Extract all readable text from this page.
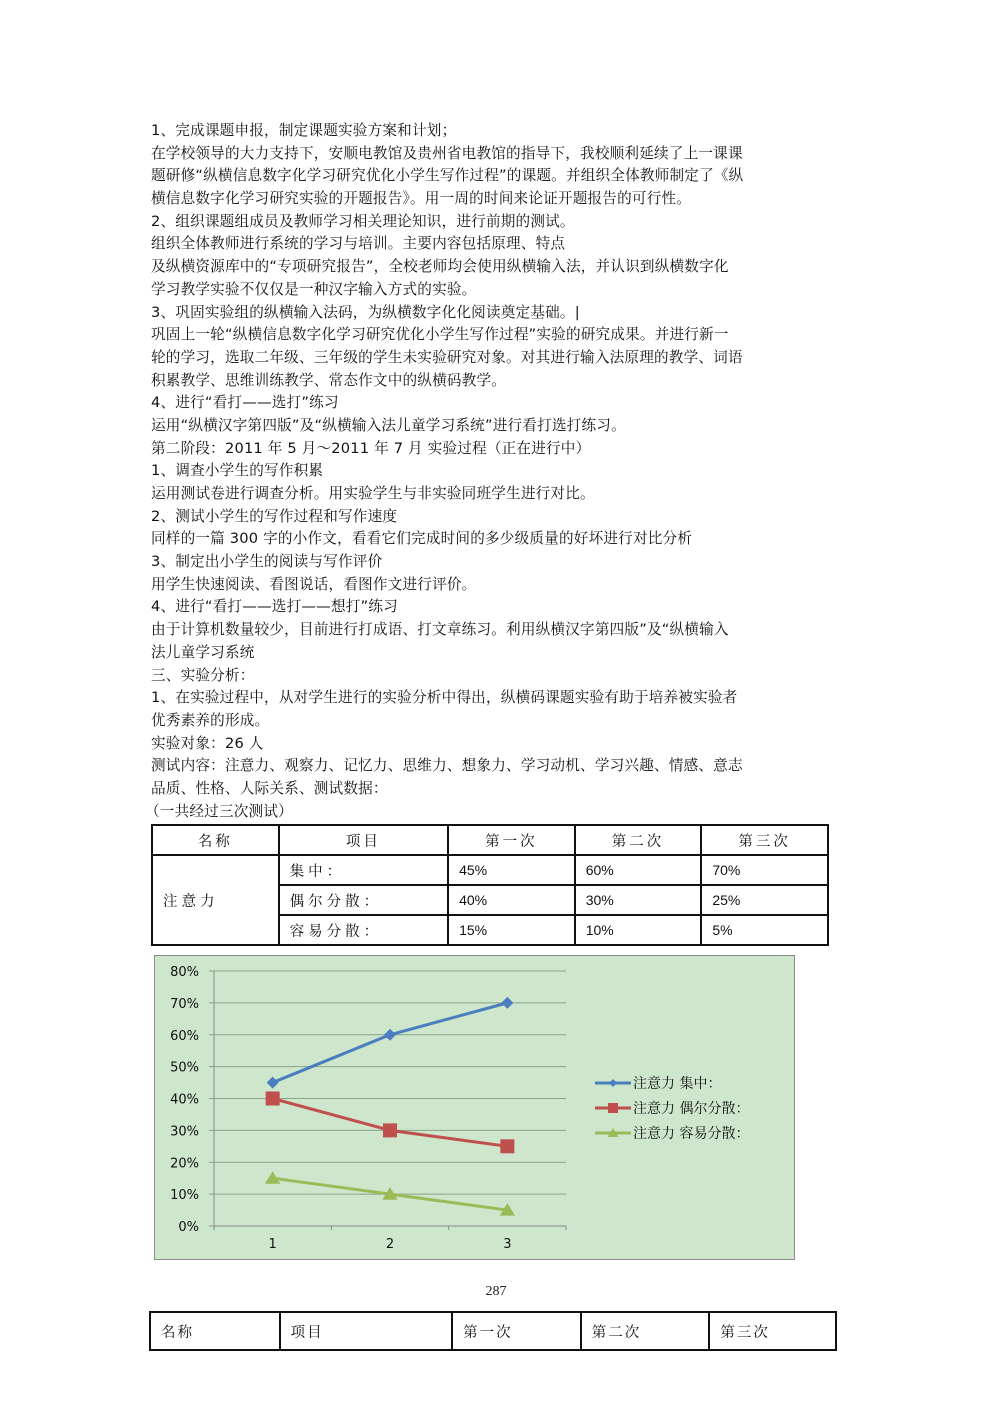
1、完成课题申报，制定课题实验方案和计划；
在学校领导的大力支持下，安顺电教馆及贵州省电教馆的指导下，我校顺利延续了上一课课
题研修“纵横信息数字化学习研究优化小学生写作过程”的课题。并组织全体教师制定了《纵
横信息数字化学习研究实验的开题报告》。用一周的时间来论证开题报告的可行性。
2、组织课题组成员及教师学习相关理论知识，进行前期的测试。
组织全体教师进行系统的学习与培训。主要内容包括原理、特点
及纵横资源库中的“专项研究报告”，全校老师均会使用纵横输入法，并认识到纵横数字化
学习教学实验不仅仅是一种汉字输入方式的实验。
3、巩固实验组的纵横输入法码，为纵横数字化化阅读奠定基础。|
巩固上一轮“纵横信息数字化学习研究优化小学生写作过程”实验的研究成果。并进行新一
轮的学习，选取二年级、三年级的学生未实验研究对象。对其进行输入法原理的教学、词语
积累教学、思维训练教学、常态作文中的纵横码教学。
4、进行“看打——选打”练习
运用“纵横汉字第四版”及“纵横输入法儿童学习系统”进行看打选打练习。
第二阶段：2011 年 5 月～2011 年 7 月 实验过程（正在进行中）
1、调查小学生的写作积累
运用测试卷进行调查分析。用实验学生与非实验同班学生进行对比。
2、测试小学生的写作过程和写作速度
同样的一篇 300 字的小作文，看看它们完成时间的多少级质量的好坏进行对比分析
3、制定出小学生的阅读与写作评价
用学生快速阅读、看图说话，看图作文进行评价。
4、进行“看打——选打——想打”练习
由于计算机数量较少，目前进行打成语、打文章练习。利用纵横汉字第四版”及“纵横输入
法儿童学习系统
三、实验分析：
1、在实验过程中，从对学生进行的实验分析中得出，纵横码课题实验有助于培养被实验者
优秀素养的形成。
实验对象：26 人
测试内容：注意力、观察力、记忆力、思维力、想象力、学习动机、学习兴趣、情感、意志
品质、性格、人际关系、测试数据：
（一共经过三次测试）
名称	项目	第一次	第二次	第三次
注意力	集中：	45%	60%	70%
	偶尔分散：	40%	30%	25%
	容易分散：	15%	10%	5%
0%
10%
20%
30%
40%
50%
60%
70%
80%
1	2	3
注意力 集中：
注意力 偶尔分散：
注意力 容易分散：
287
名称	项目	第一次	第二次	第三次
